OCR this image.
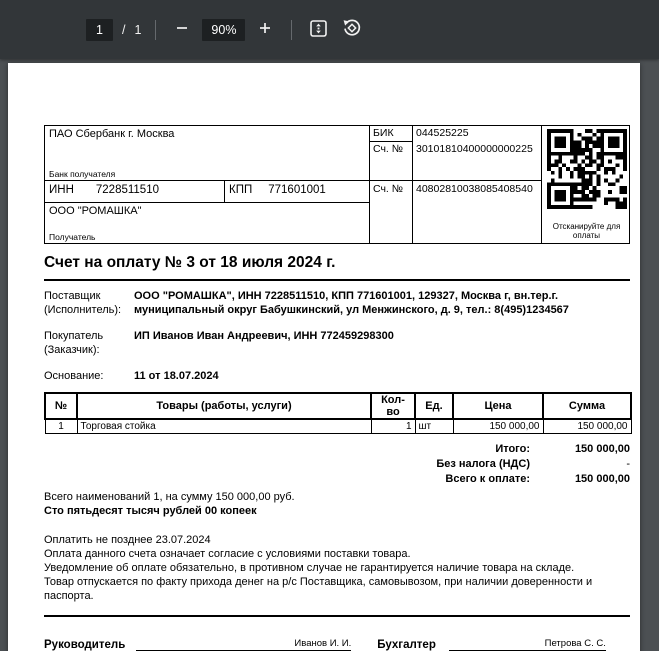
1	/ 1	90%
ПАО Сбербанк г. Москва
Банк получателя
БИК	044525225
Сч. №	30101810400000000225
ИНН 7228511510	КПП 771601001	Сч. №	40802810038085408540
ООО "РОМАШКА"
Получатель
Отсканируйте для оплаты
Счет на оплату № 3 от 18 июля 2024 г.
Поставщик (Исполнитель):
ООО "РОМАШКА", ИНН 7228511510, КПП 771601001, 129327, Москва г, вн.тер.г. муниципальный округ Бабушкинский, ул Менжинского, д. 9, тел.: 8(495)1234567
Покупатель (Заказчик):
ИП Иванов Иван Андреевич, ИНН 772459298300
Основание:	11 от 18.07.2024
№	Товары (работы, услуги)	Кол-во	Ед.	Цена	Сумма
1	Торговая стойка	1	шт	150 000,00	150 000,00
Итого:	150 000,00
Без налога (НДС)	-
Всего к оплате:	150 000,00
Всего наименований 1, на сумму 150 000,00 руб.
Сто пятьдесят тысяч рублей 00 копеек

Оплатить не позднее 23.07.2024

Оплата данного счета означает согласие с условиями поставки товара.

Уведомление об оплате обязательно, в противном случае не гарантируется наличие товара на складе.

Товар отпускается по факту прихода денег на р/с Поставщика, самовывозом, при наличии доверенности и паспорта.

Руководитель	Иванов И. И. Бухгалтер	Петрова С. С.
